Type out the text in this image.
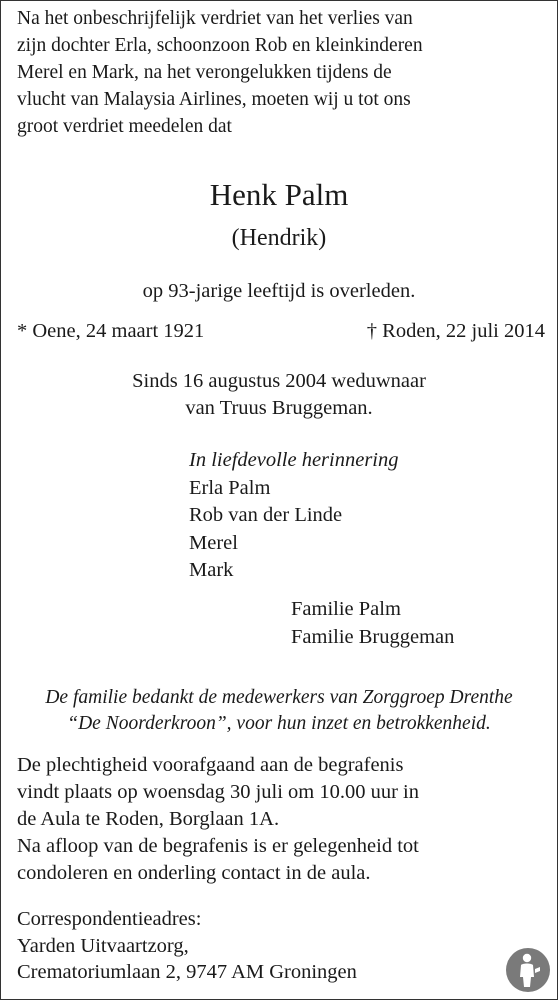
Na het onbeschrijfelijk verdriet van het verlies van
zijn dochter Erla, schoonzoon Rob en kleinkinderen
Merel en Mark, na het verongelukken tijdens de
vlucht van Malaysia Airlines, moeten wij u tot ons
groot verdriet meedelen dat
Henk Palm
(Hendrik)
op 93-jarige leeftijd is overleden.
* Oene, 24 maart 1921	† Roden, 22 juli 2014
Sinds 16 augustus 2004 weduwnaar
van Truus Bruggeman.
In liefdevolle herinnering
Erla Palm
Rob van der Linde
Merel
Mark
Familie Palm
Familie Bruggeman
De familie bedankt de medewerkers van Zorggroep Drenthe
“De Noorderkroon”, voor hun inzet en betrokkenheid.
De plechtigheid voorafgaand aan de begrafenis
vindt plaats op woensdag 30 juli om 10.00 uur in
de Aula te Roden, Borglaan 1A.
Na afloop van de begrafenis is er gelegenheid tot
condoleren en onderling contact in de aula.
Correspondentieadres:
Yarden Uitvaartzorg,
Crematoriumlaan 2, 9747 AM Groningen
